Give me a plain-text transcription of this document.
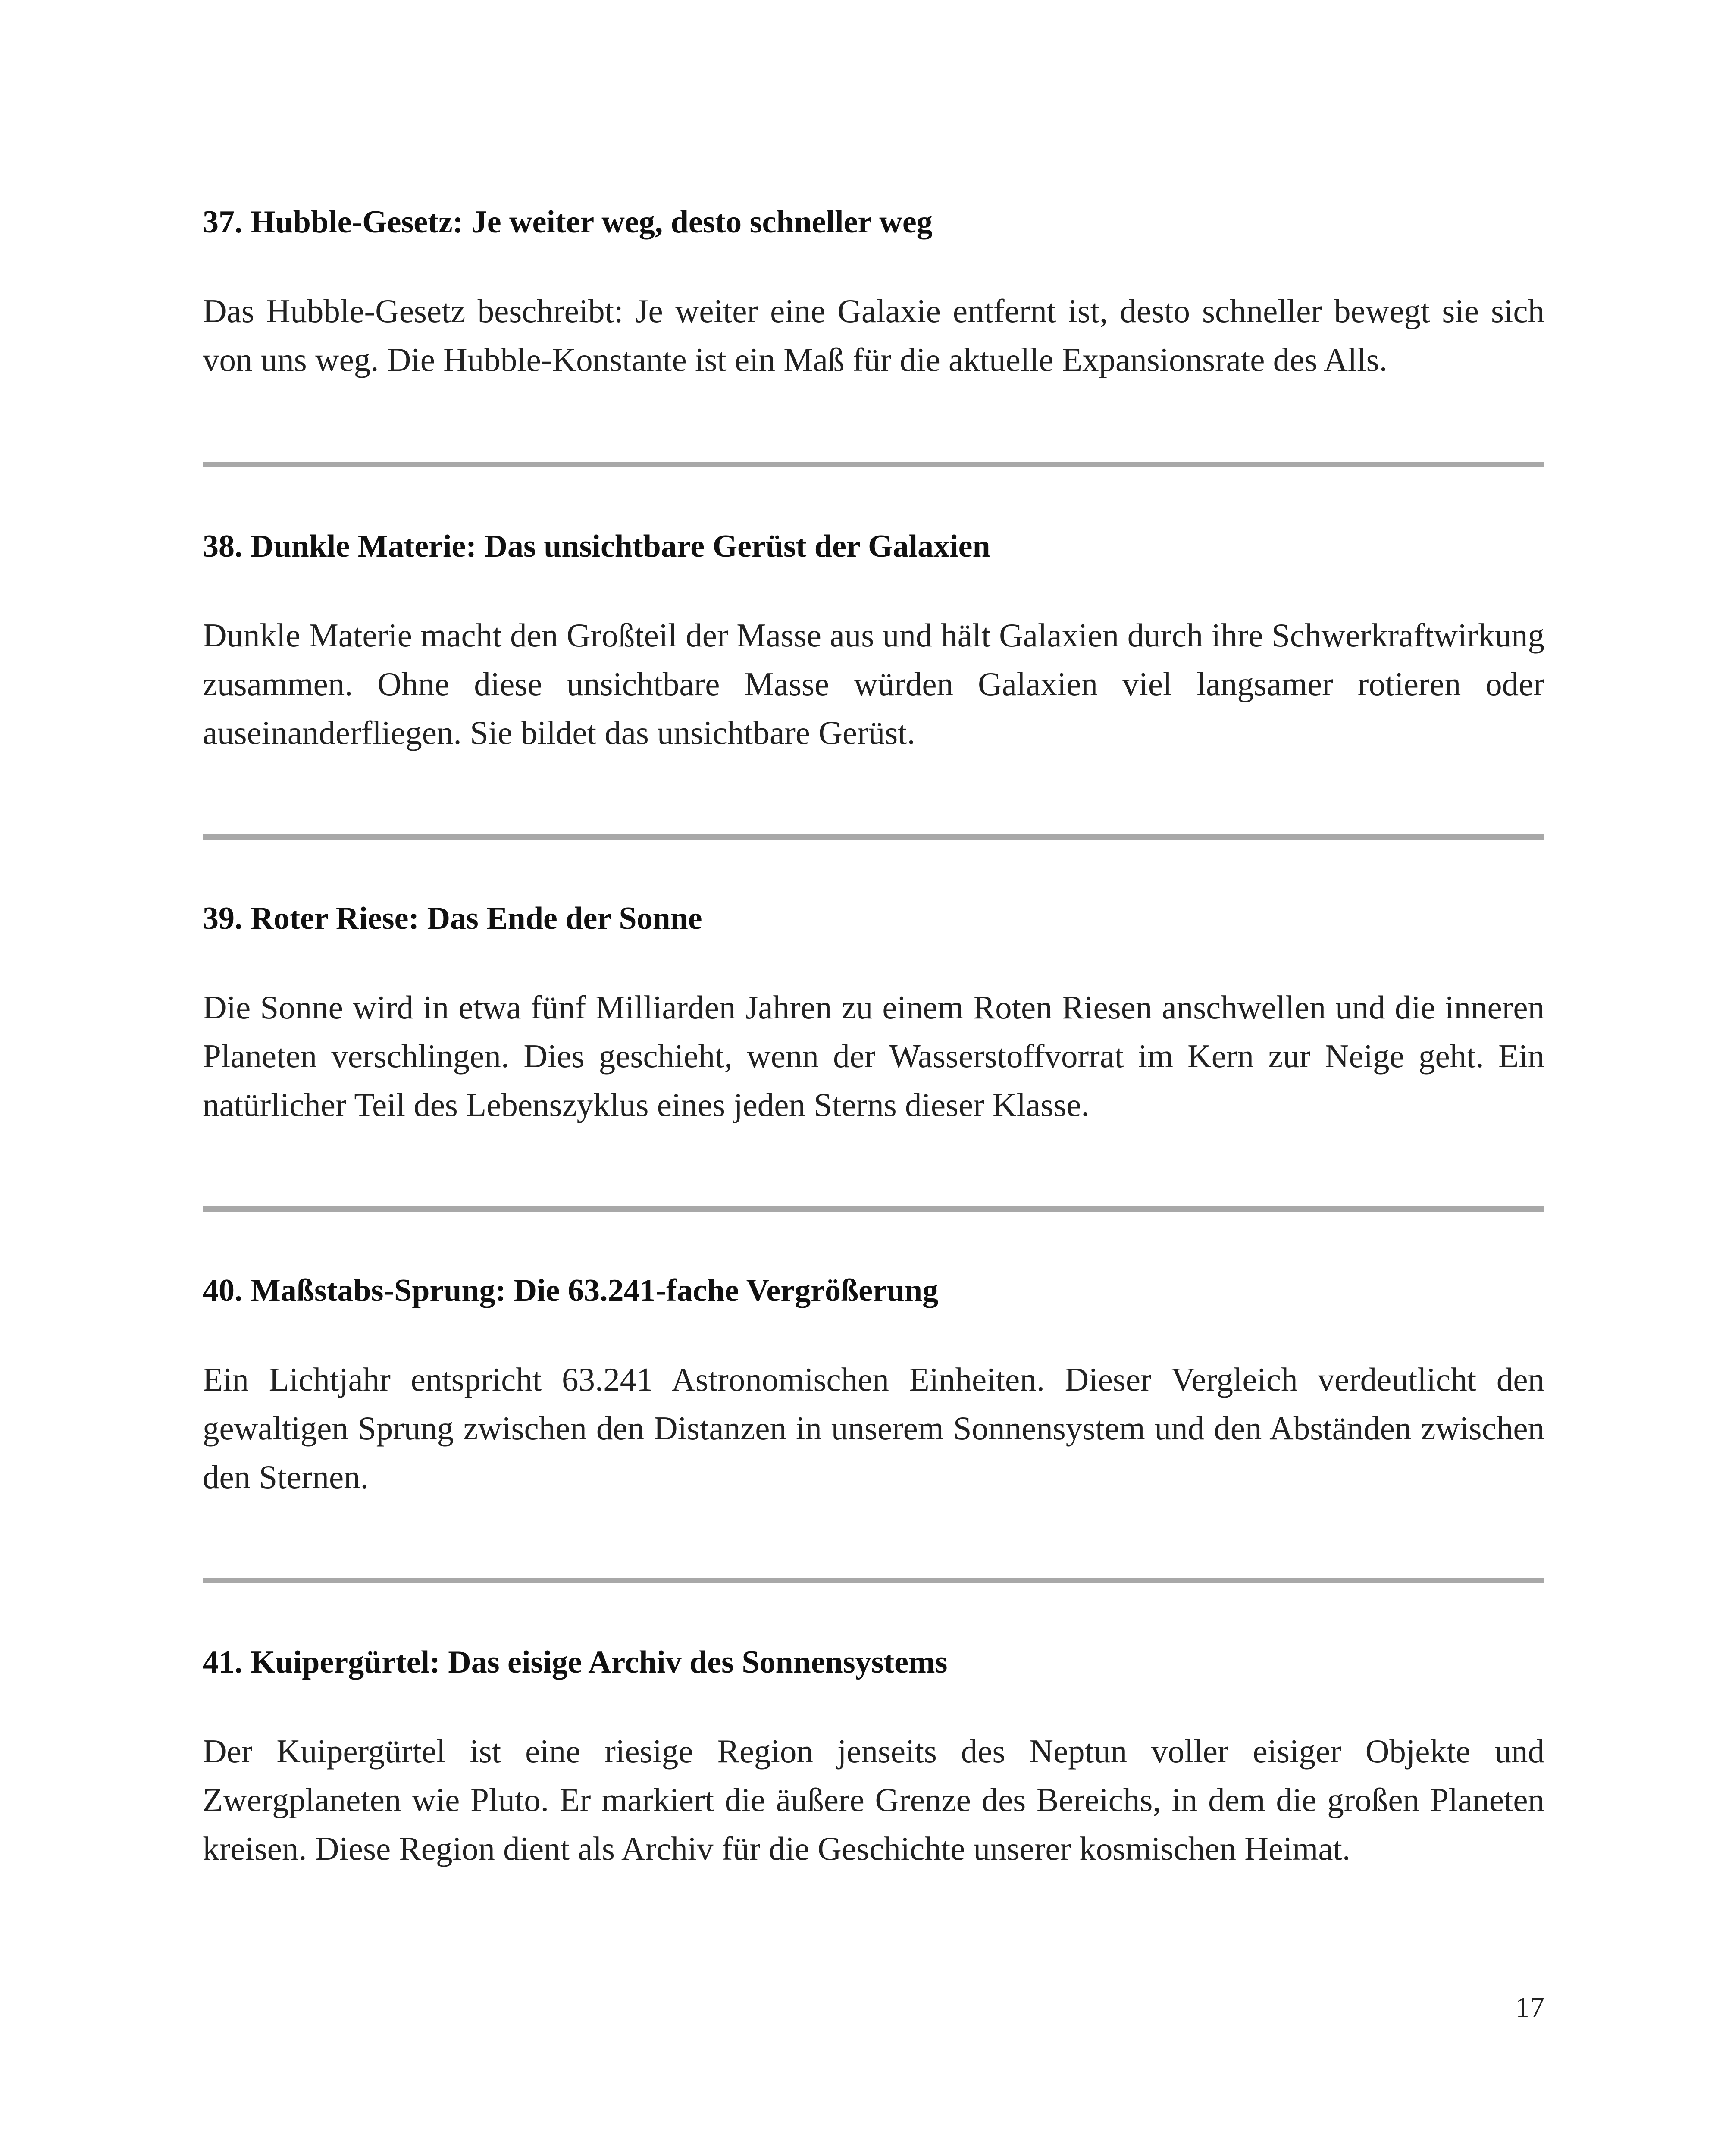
37. Hubble-Gesetz: Je weiter weg, desto schneller weg

Das Hubble-Gesetz beschreibt: Je weiter eine Galaxie entfernt ist, desto schneller bewegt sie sich von uns weg. Die Hubble-Konstante ist ein Maß für die aktuelle Expansionsrate des Alls.

38. Dunkle Materie: Das unsichtbare Gerüst der Galaxien

Dunkle Materie macht den Großteil der Masse aus und hält Galaxien durch ihre Schwerkraftwirkung zusammen. Ohne diese unsichtbare Masse würden Galaxien viel langsamer rotieren oder auseinanderfliegen. Sie bildet das unsichtbare Gerüst.

39. Roter Riese: Das Ende der Sonne

Die Sonne wird in etwa fünf Milliarden Jahren zu einem Roten Riesen anschwellen und die inneren Planeten verschlingen. Dies geschieht, wenn der Wasserstoffvorrat im Kern zur Neige geht. Ein natürlicher Teil des Lebenszyklus eines jeden Sterns dieser Klasse.

40. Maßstabs-Sprung: Die 63.241-fache Vergrößerung

Ein Lichtjahr entspricht 63.241 Astronomischen Einheiten. Dieser Vergleich verdeutlicht den gewaltigen Sprung zwischen den Distanzen in unserem Sonnensystem und den Abständen zwischen den Sternen.

41. Kuipergürtel: Das eisige Archiv des Sonnensystems

Der Kuipergürtel ist eine riesige Region jenseits des Neptun voller eisiger Objekte und Zwergplaneten wie Pluto. Er markiert die äußere Grenze des Bereichs, in dem die großen Planeten kreisen. Diese Region dient als Archiv für die Geschichte unserer kosmischen Heimat.

17
